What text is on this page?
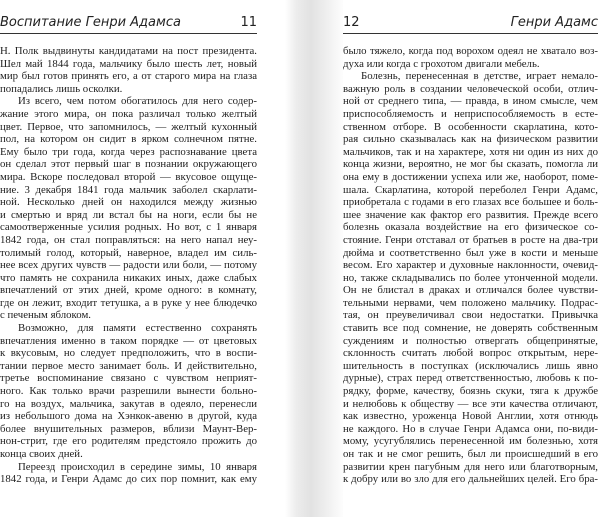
Воспитание Генри Адамса	11
Н. Полк выдвинуты кандидатами на пост президента.
Шел май 1844 года, мальчику было шесть лет, новый
мир был готов принять его, а от старого мира на глаза
попадались лишь осколки.
Из всего, чем потом обогатилось для него содер-
жание этого мира, он пока различал только желтый
цвет. Первое, что запомнилось, — желтый кухонный
пол, на котором он сидит в ярком солнечном пятне.
Ему было три года, когда через распознавание цвета
он сделал этот первый шаг в познании окружающего
мира. Вскоре последовал второй — вкусовое ощуще-
ние. 3 декабря 1841 года мальчик заболел скарлати-
ной. Несколько дней он находился между жизнью
и смертью и вряд ли встал бы на ноги, если бы не
самоотверженные усилия родных. Но вот, с 1 января
1842 года, он стал поправляться: на него напал неу-
толимый голод, который, наверное, владел им силь-
нее всех других чувств — радости или боли, — потому
что память не сохранила никаких иных, даже слабых
впечатлений от этих дней, кроме одного: в комнату,
где он лежит, входит тетушка, а в руке у нее блюдечко
с печеным яблоком.
Возможно, для памяти естественно сохранять
впечатления именно в таком порядке — от цветовых
к вкусовым, но следует предположить, что в воспи-
тании первое место занимает боль. И действительно,
третье воспоминание связано с чувством неприят-
ного. Как только врачи разрешили вынести больно-
го на воздух, мальчика, закутав в одеяло, перенесли
из небольшого дома на Хэнкок-авеню в другой, куда
более внушительных размеров, вблизи Маунт-Вер-
нон-стрит, где его родителям предстояло прожить до
конца своих дней.
Переезд происходил в середине зимы, 10 января
1842 года, и Генри Адамс до сих пор помнит, как ему
12	Генри Адамс
было тяжело, когда под ворохом одеял не хватало воз-
духа или когда с грохотом двигали мебель.
Болезнь, перенесенная в детстве, играет немало-
важную роль в создании человеческой особи, отлич-
ной от среднего типа, — правда, в ином смысле, чем
приспособляемость и неприспособляемость в есте-
ственном отборе. В особенности скарлатина, кото-
рая сильно сказывалась как на физическом развитии
мальчиков, так и на характере, хотя ни один из них до
конца жизни, вероятно, не мог бы сказать, помогла ли
она ему в достижении успеха или же, наоборот, поме-
шала. Скарлатина, которой переболел Генри Адамс,
приобретала с годами в его глазах все большее и боль-
шее значение как фактор его развития. Прежде всего
болезнь оказала воздействие на его физическое со-
стояние. Генри отставал от братьев в росте на два-три
дюйма и соответственно был уже в кости и меньше
весом. Его характер и духовные наклонности, очевид-
но, также складывались по более утонченной модели.
Он не блистал в драках и отличался более чувстви-
тельными нервами, чем положено мальчику. Подрас-
тая, он преувеличивал свои недостатки. Привычка
ставить все под сомнение, не доверять собственным
суждениям и полностью отвергать общепринятые,
склонность считать любой вопрос открытым, нере-
шительность в поступках (исключались лишь явно
дурные), страх перед ответственностью, любовь к по-
рядку, форме, качеству, боязнь скуки, тяга к дружбе
и нелюбовь к обществу — все эти качества отличают,
как известно, уроженца Новой Англии, хотя отнюдь
не каждого. Но в случае Генри Адамса они, по-види-
мому, усугублялись перенесенной им болезнью, хотя
он так и не смог решить, был ли происшедший в его
развитии крен пагубным для него или благотворным,
к добру или во зло для его дальнейших целей. Его бра-
